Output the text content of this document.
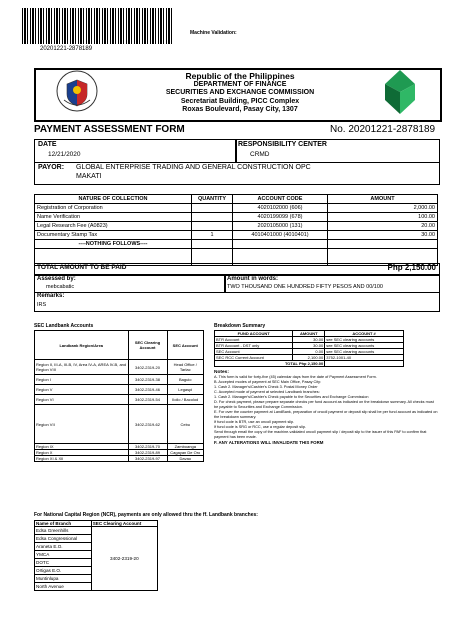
20201221-2878189
Machine Validation:
Republic of the Philippines
DEPARTMENT OF FINANCE
SECURITIES AND EXCHANGE COMMISSION
Secretariat Building, PICC Complex
Roxas Boulevard, Pasay City, 1307
PAYMENT ASSESSMENT FORM	No. 20201221-2878189
DATE
12/21/2020
RESPONSIBILITY CENTER
CRMD
PAYOR: GLOBAL ENTERPRISE TRADING AND GENERAL CONSTRUCTION OPC
MAKATI
NATURE OF COLLECTION	QUANTITY	ACCOUNT CODE	AMOUNT
Registration of Corporation		4020102000 (606)	2,000.00
Name Verification		4020199099 (678)	100.00
Legal Research Fee (A0823)		2020105000 (131)	20.00
Documentary Stamp Tax	1	4010401000 (4010401)	30.00
----NOTHING FOLLOWS----			

TOTAL AMOUNT TO BE PAID	Php 2,150.00
Assessed by:
mebcabatic
Amount in words:
TWO THOUSAND ONE HUNDRED FIFTY PESOS AND 00/100
Remarks:
IRS
SEC Landbank Accounts
Landbank Region/Area	SEC Clearing Account	SEC Account
Region II, III-A, III-B, IV, Area IV-A, AREA IV-B, and Region VIII	3402-2319-20	Head Office / Tarlac
Region I	3402-2319-38	Baguio
Region V	3402-2319-46	Legaspi
Region VI	3402-2319-54	Iloilo / Bacolod
Region VII	3402-2319-62	Cebu
Region IX	3402-2319-70	Zamboanga
Region X	3402-2319-89	Cagayan De Oro
Region XI & XII	3402-2319-97	Davao
Breakdown Summary
FUND ACCOUNT	AMOUNT	ACCOUNT #
BTR Account	30.00	see SEC clearing accounts
BTR Account - DST only	30.00	see SEC clearing accounts
SEC Account	0.00	see SEC clearing accounts
SEC RCC Current Account	2,100.00	3752-1001-40
TOTAL Php 2,150.00		
Notes:
A. This form is valid for forty-five (45) calendar days from the date of Payment Assessment Form.
B. Accepted modes of payment at SEC Main Office, Pasay City:
1. Cash 2. Manager's/Cashier's Check 3. Postal Money Order
C. Accepted mode of payment at selected Landbank branches:
1. Cash 2. Manager's/Cashier's Check payable to the Securities and Exchange Commission
D. For check payment, please prepare separate checks per fund account as indicated on the breakdown summary. All checks must be payable to Securities and Exchange Commission.
E. For over the counter payment at LandBank, preparation of oncoll payment or deposit slip shall be per fund account as indicated on the breakdown summary.
If fund code is BTR, use an oncoll payment slip.
If fund code is SRG or RCC, use a regular deposit slip.
Send through email the copy of the machine-validated oncoll payment slip / deposit slip to the issuer of this PAF to confirm that payment has been made.
F. ANY ALTERATIONS WILL INVALIDATE THIS FORM
For National Capital Region (NCR), payments are only allowed thru the ff. Landbank branches:
Name of Branch	SEC Clearing Account
Edsa Greenhills	3402-2319-20
Edsa Congressional	
Araneta E.O.	
YMCA	
DOTC	
Ortigas E.O.	
Muntinlupa	
North Avenue	
